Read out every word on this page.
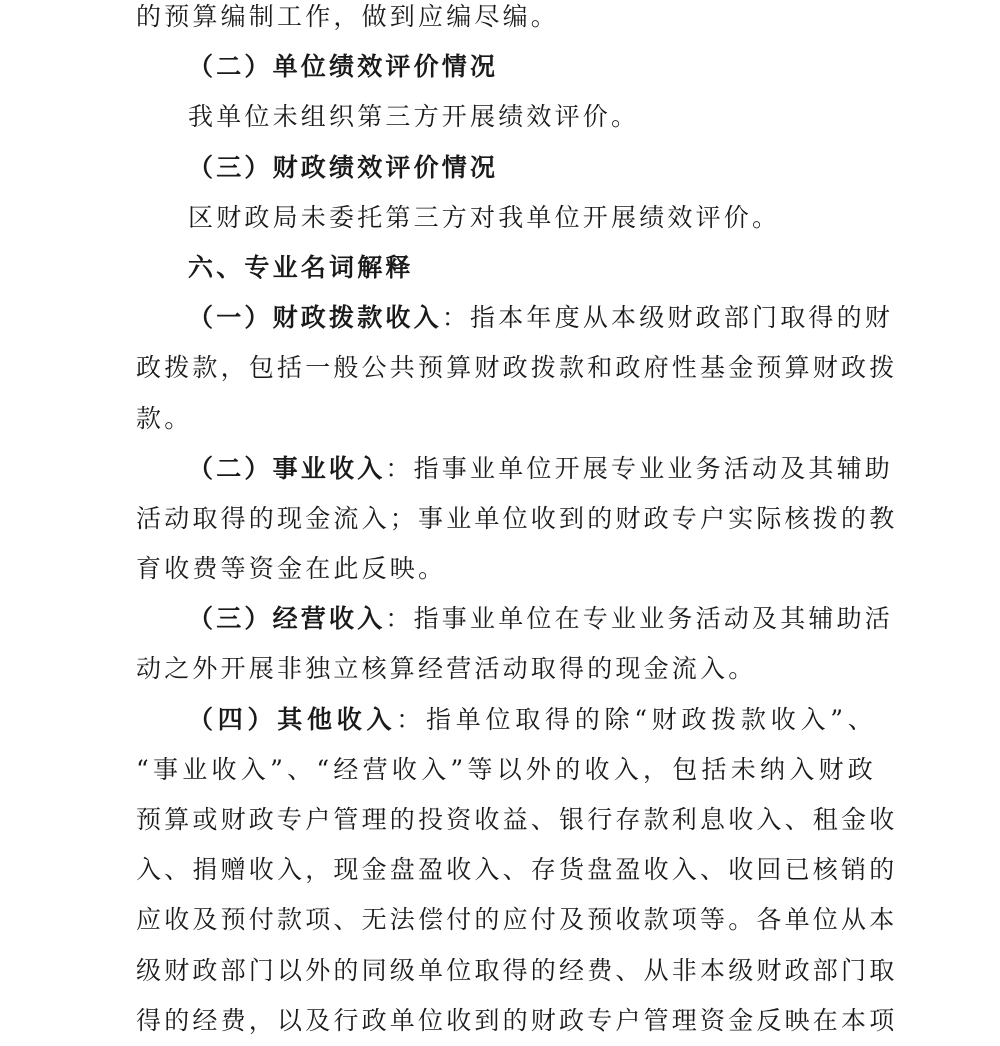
的预算编制工作，做到应编尽编。
（二）单位绩效评价情况
我单位未组织第三方开展绩效评价。
（三）财政绩效评价情况
区财政局未委托第三方对我单位开展绩效评价。
六、专业名词解释
（一）财政拨款收入：指本年度从本级财政部门取得的财
政拨款，包括一般公共预算财政拨款和政府性基金预算财政拨
款。
（二）事业收入：指事业单位开展专业业务活动及其辅助
活动取得的现金流入；事业单位收到的财政专户实际核拨的教
育收费等资金在此反映。
（三）经营收入：指事业单位在专业业务活动及其辅助活
动之外开展非独立核算经营活动取得的现金流入。
（四）其他收入：指单位取得的除“财政拨款收入”、
“事业收入”、“经营收入”等以外的收入，包括未纳入财政
预算或财政专户管理的投资收益、银行存款利息收入、租金收
入、捐赠收入，现金盘盈收入、存货盘盈收入、收回已核销的
应收及预付款项、无法偿付的应付及预收款项等。各单位从本
级财政部门以外的同级单位取得的经费、从非本级财政部门取
得的经费，以及行政单位收到的财政专户管理资金反映在本项
